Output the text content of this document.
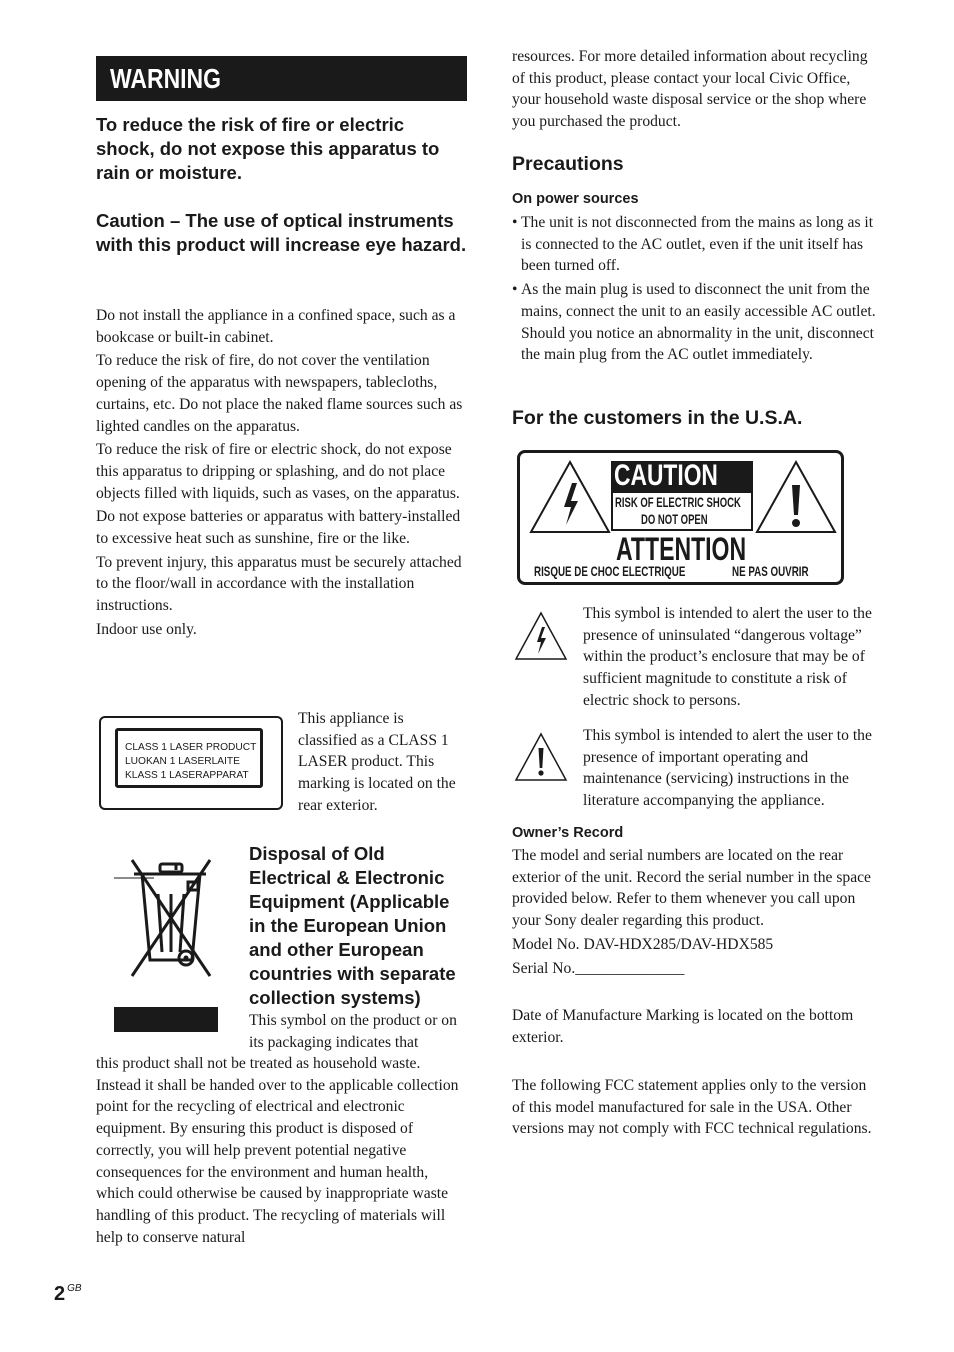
WARNING
To reduce the risk of fire or electric shock, do not expose this apparatus to rain or moisture.
Caution – The use of optical instruments with this product will increase eye hazard.

Do not install the appliance in a confined space, such as a bookcase or built-in cabinet.

To reduce the risk of fire, do not cover the ventilation opening of the apparatus with newspapers, tablecloths, curtains, etc. Do not place the naked flame sources such as lighted candles on the apparatus.

To reduce the risk of fire or electric shock, do not expose this apparatus to dripping or splashing, and do not place objects filled with liquids, such as vases, on the apparatus.

Do not expose batteries or apparatus with battery-installed to excessive heat such as sunshine, fire or the like.

To prevent injury, this apparatus must be securely attached to the floor/wall in accordance with the installation instructions.

Indoor use only.

CLASS 1 LASER PRODUCT
LUOKAN 1 LASERLAITE
KLASS 1 LASERAPPARAT

This appliance is classified as a CLASS 1 LASER product. This marking is located on the rear exterior.

Disposal of Old Electrical & Electronic Equipment (Applicable in the European Union and other European countries with separate collection systems)

This symbol on the product or on its packaging indicates that

this product shall not be treated as household waste. Instead it shall be handed over to the applicable collection point for the recycling of electrical and electronic equipment. By ensuring this product is disposed of correctly, you will help prevent potential negative consequences for the environment and human health, which could otherwise be caused by inappropriate waste handling of this product. The recycling of materials will help to conserve natural

resources. For more detailed information about recycling of this product, please contact your local Civic Office, your household waste disposal service or the shop where you purchased the product.

Precautions
On power sources

• The unit is not disconnected from the mains as long as it is connected to the AC outlet, even if the unit itself has been turned off.

• As the main plug is used to disconnect the unit from the mains, connect the unit to an easily accessible AC outlet. Should you notice an abnormality in the unit, disconnect the main plug from the AC outlet immediately.

For the customers in the U.S.A.
CAUTION
RISK OF ELECTRIC SHOCK
DO NOT OPEN
ATTENTION
RISQUE DE CHOC ELECTRIQUE	NE PAS OUVRIR

This symbol is intended to alert the user to the presence of uninsulated “dangerous voltage” within the product’s enclosure that may be of sufficient magnitude to constitute a risk of electric shock to persons.

This symbol is intended to alert the user to the presence of important operating and maintenance (servicing) instructions in the literature accompanying the appliance.

Owner’s Record

The model and serial numbers are located on the rear exterior of the unit. Record the serial number in the space provided below. Refer to them whenever you call upon your Sony dealer regarding this product.

Model No. DAV-HDX285/DAV-HDX585

Serial No.______________

Date of Manufacture Marking is located on the bottom exterior.

The following FCC statement applies only to the version of this model manufactured for sale in the USA. Other versions may not comply with FCC technical regulations.

2 $^{GB}$
